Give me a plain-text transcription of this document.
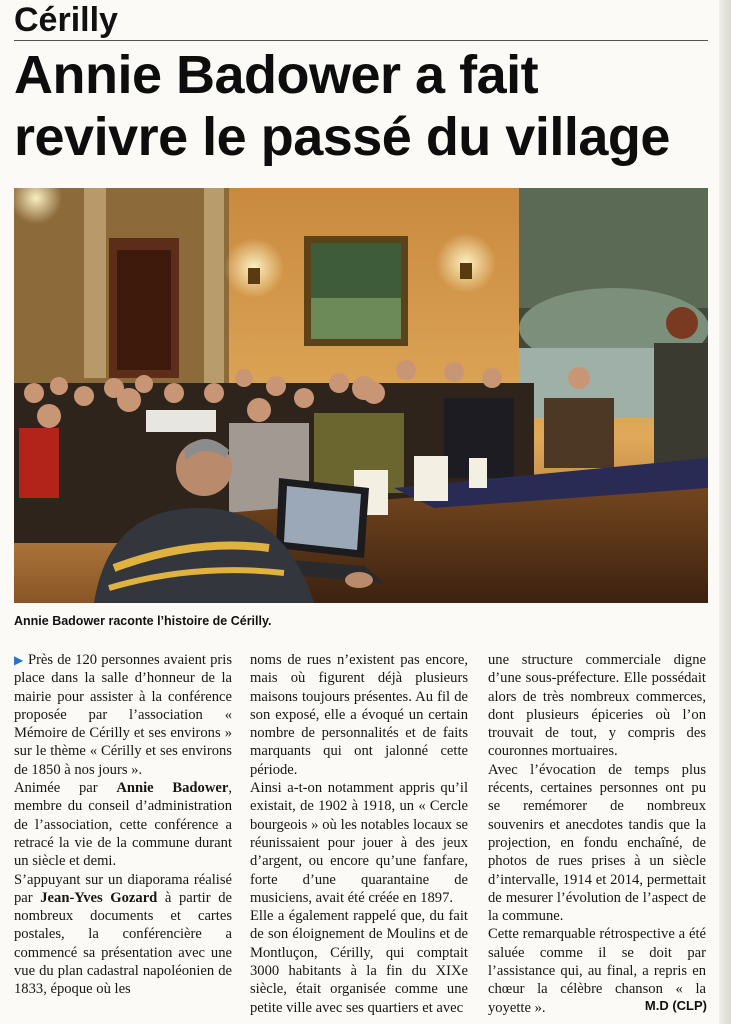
Cérilly
Annie Badower a fait
revivre le passé du village
Annie Badower raconte l’histoire de Cérilly.

▶ Près de 120 personnes avaient pris place dans la salle d’honneur de la mairie pour assister à la conférence proposée par l’association « Mémoire de Cérilly et ses environs » sur le thème « Cérilly et ses environs de 1850 à nos jours ».

Animée par Annie Badower, membre du conseil d’administration de l’association, cette conférence a retracé la vie de la commune durant un siècle et demi.

S’appuyant sur un diaporama réalisé par Jean-Yves Gozard à partir de nombreux documents et cartes postales, la conférencière a commencé sa présentation avec une vue du plan cadastral napoléonien de 1833, époque où les

noms de rues n’existent pas encore, mais où figurent déjà plusieurs maisons toujours présentes. Au fil de son exposé, elle a évoqué un certain nombre de personnalités et de faits marquants qui ont jalonné cette période.

Ainsi a-t-on notamment appris qu’il existait, de 1902 à 1918, un « Cercle bourgeois » où les notables locaux se réunissaient pour jouer à des jeux d’argent, ou encore qu’une fanfare, forte d’une quarantaine de musiciens, avait été créée en 1897.

Elle a également rappelé que, du fait de son éloignement de Moulins et de Montluçon, Cérilly, qui comptait 3000 habitants à la fin du XIXe siècle, était organisée comme une petite ville avec ses quartiers et avec

une structure commerciale digne d’une sous-préfecture. Elle possédait alors de très nombreux commerces, dont plusieurs épiceries où l’on trouvait de tout, y compris des couronnes mortuaires.

Avec l’évocation de temps plus récents, certaines personnes ont pu se remémorer de nombreux souvenirs et anecdotes tandis que la projection, en fondu enchaîné, de photos de rues prises à un siècle d’intervalle, 1914 et 2014, permettait de mesurer l’évolution de l’aspect de la commune.

Cette remarquable rétrospective a été saluée comme il se doit par l’assistance qui, au final, a repris en chœur la célèbre chanson « la yoyette ».	M.D (CLP)
